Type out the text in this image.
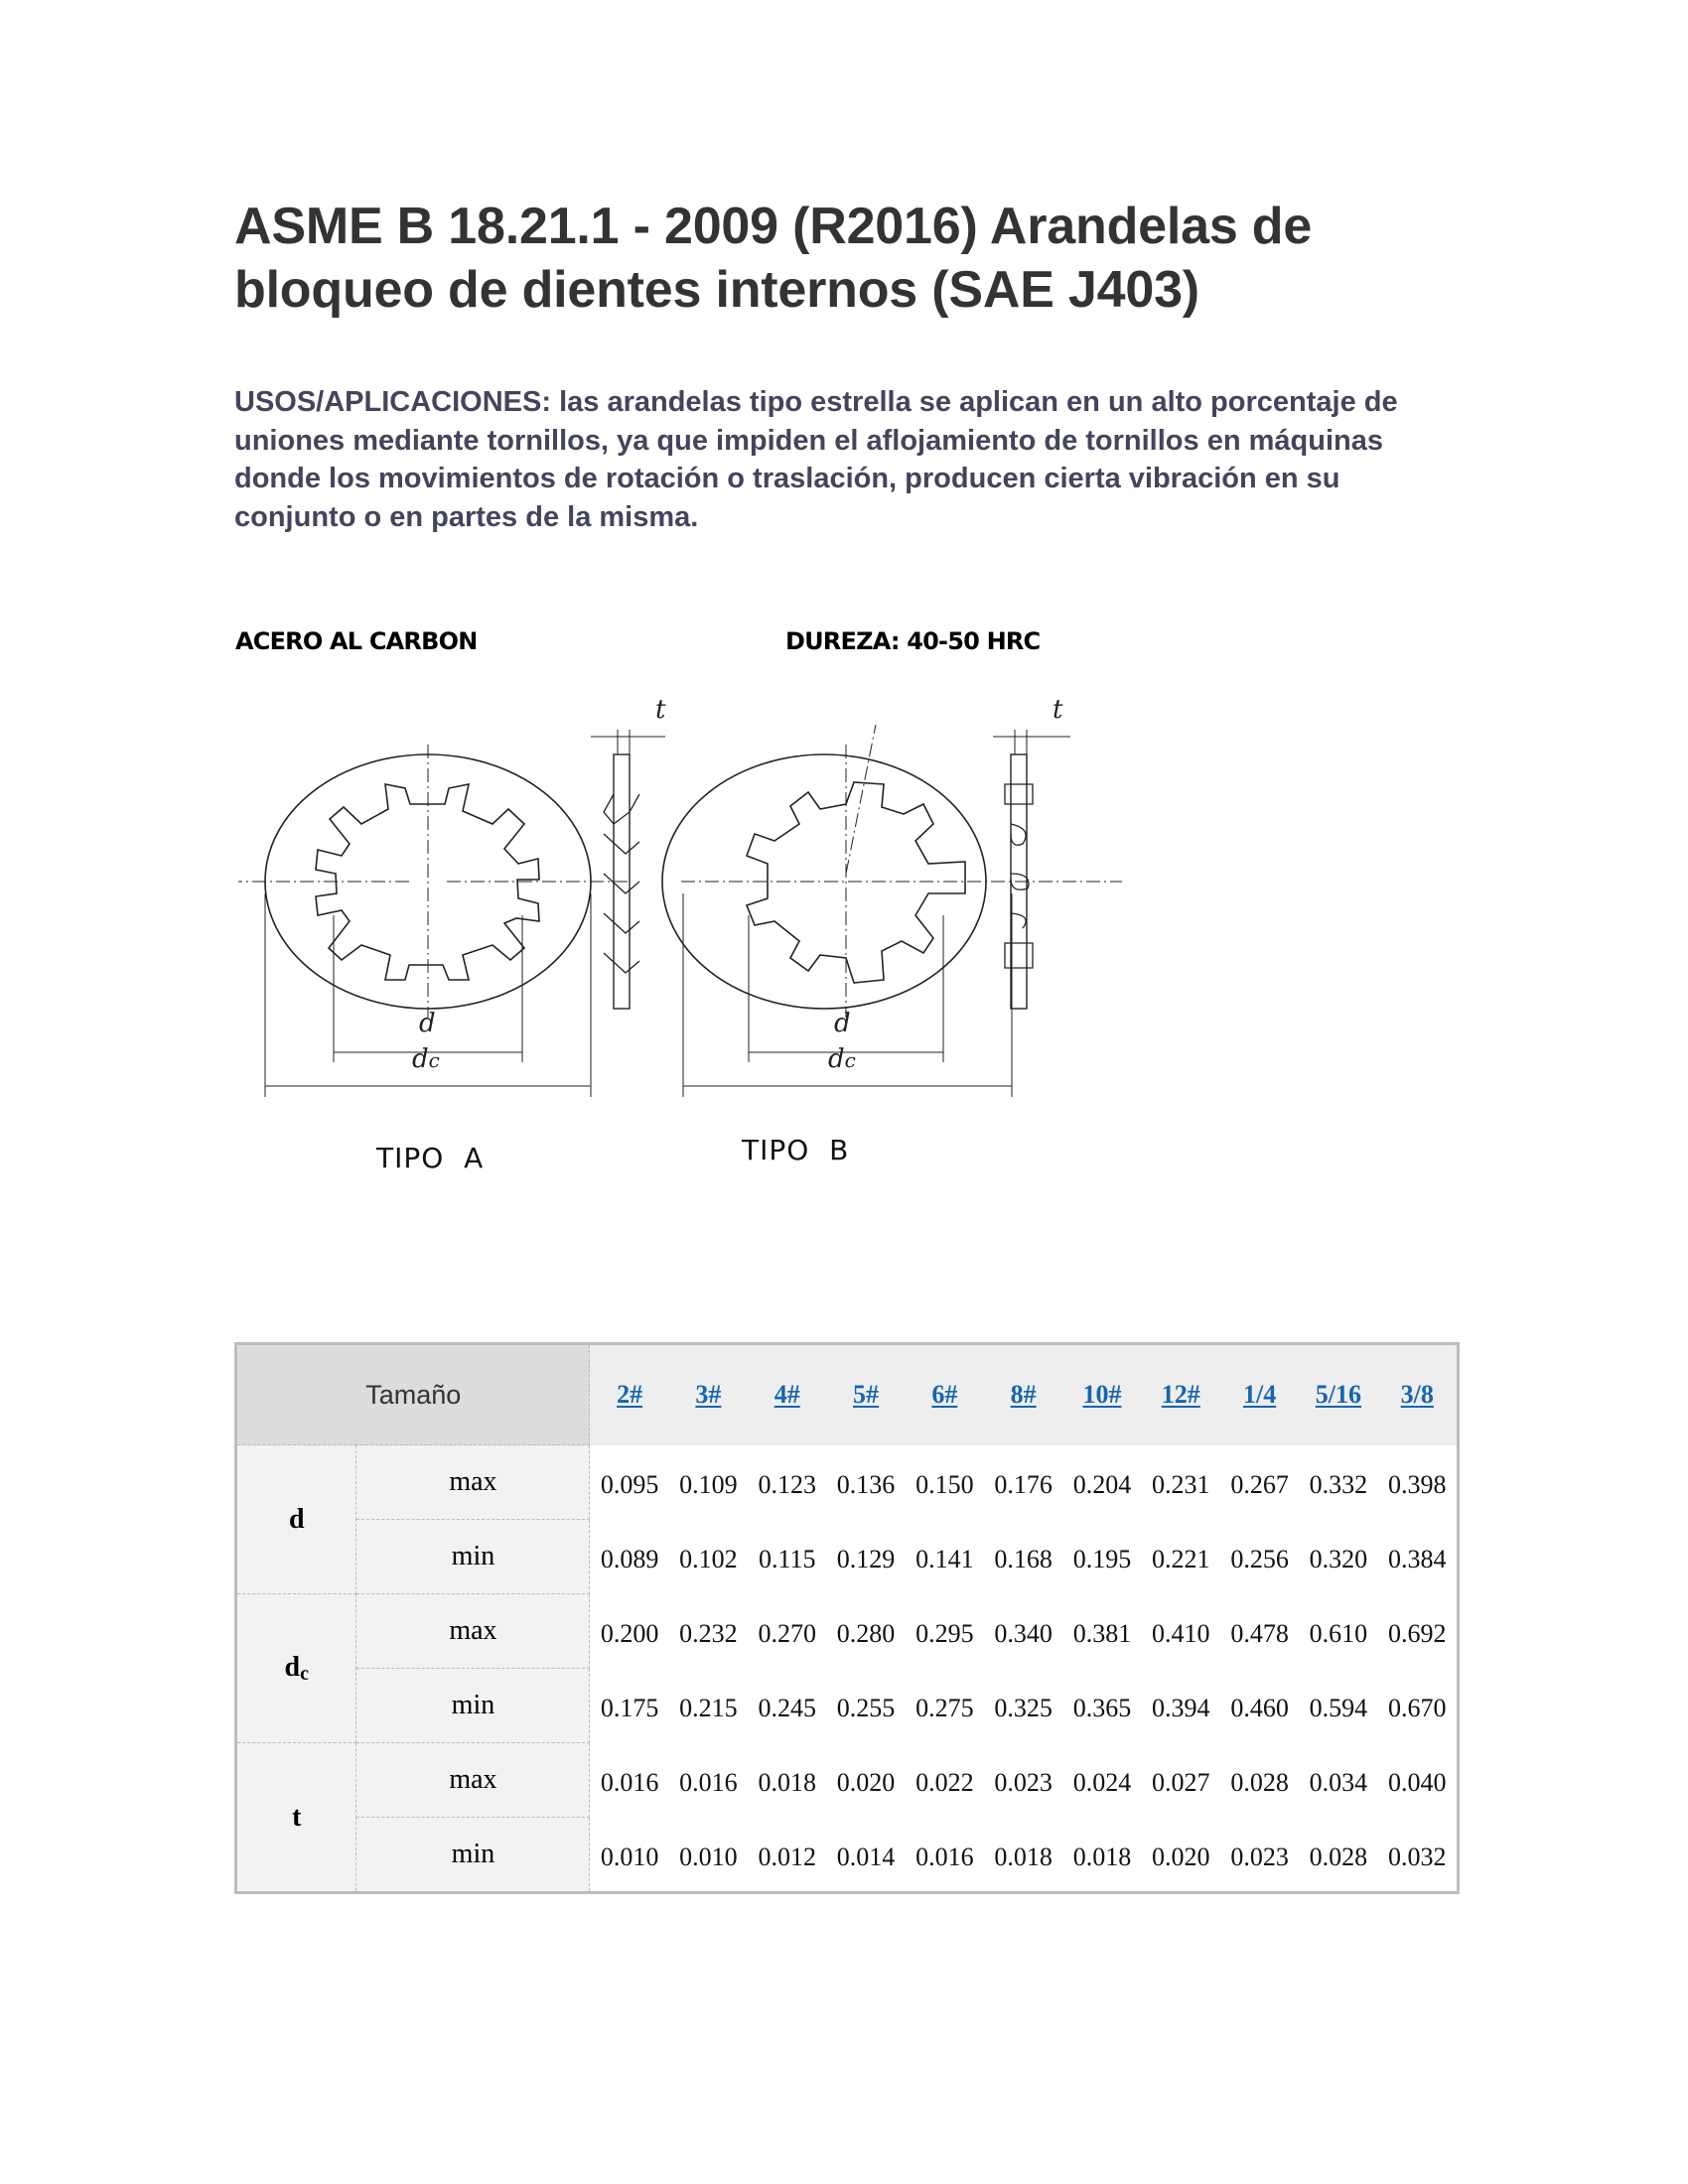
ASME B 18.21.1 - 2009 (R2016) Arandelas de bloqueo de dientes internos (SAE J403)

USOS/APLICACIONES: las arandelas tipo estrella se aplican en un alto porcentaje de uniones mediante tornillos, ya que impiden el aflojamiento de tornillos en máquinas donde los movimientos de rotación o traslación, producen cierta vibración en su conjunto o en partes de la misma.

ACERO AL CARBON	DUREZA: 40-50 HRC
d
dc
t
d
dc
t
TIPO A	TIPO B
Tamaño		2#	3#	4#	5#	6#	8#	10#	12#	1/4	5/16	3/8
d	max	0.095	0.109	0.123	0.136	0.150	0.176	0.204	0.231	0.267	0.332	0.398
	min	0.089	0.102	0.115	0.129	0.141	0.168	0.195	0.221	0.256	0.320	0.384
$d_c$	max	0.200	0.232	0.270	0.280	0.295	0.340	0.381	0.410	0.478	0.610	0.692
	min	0.175	0.215	0.245	0.255	0.275	0.325	0.365	0.394	0.460	0.594	0.670
t	max	0.016	0.016	0.018	0.020	0.022	0.023	0.024	0.027	0.028	0.034	0.040
	min	0.010	0.010	0.012	0.014	0.016	0.018	0.018	0.020	0.023	0.028	0.032
